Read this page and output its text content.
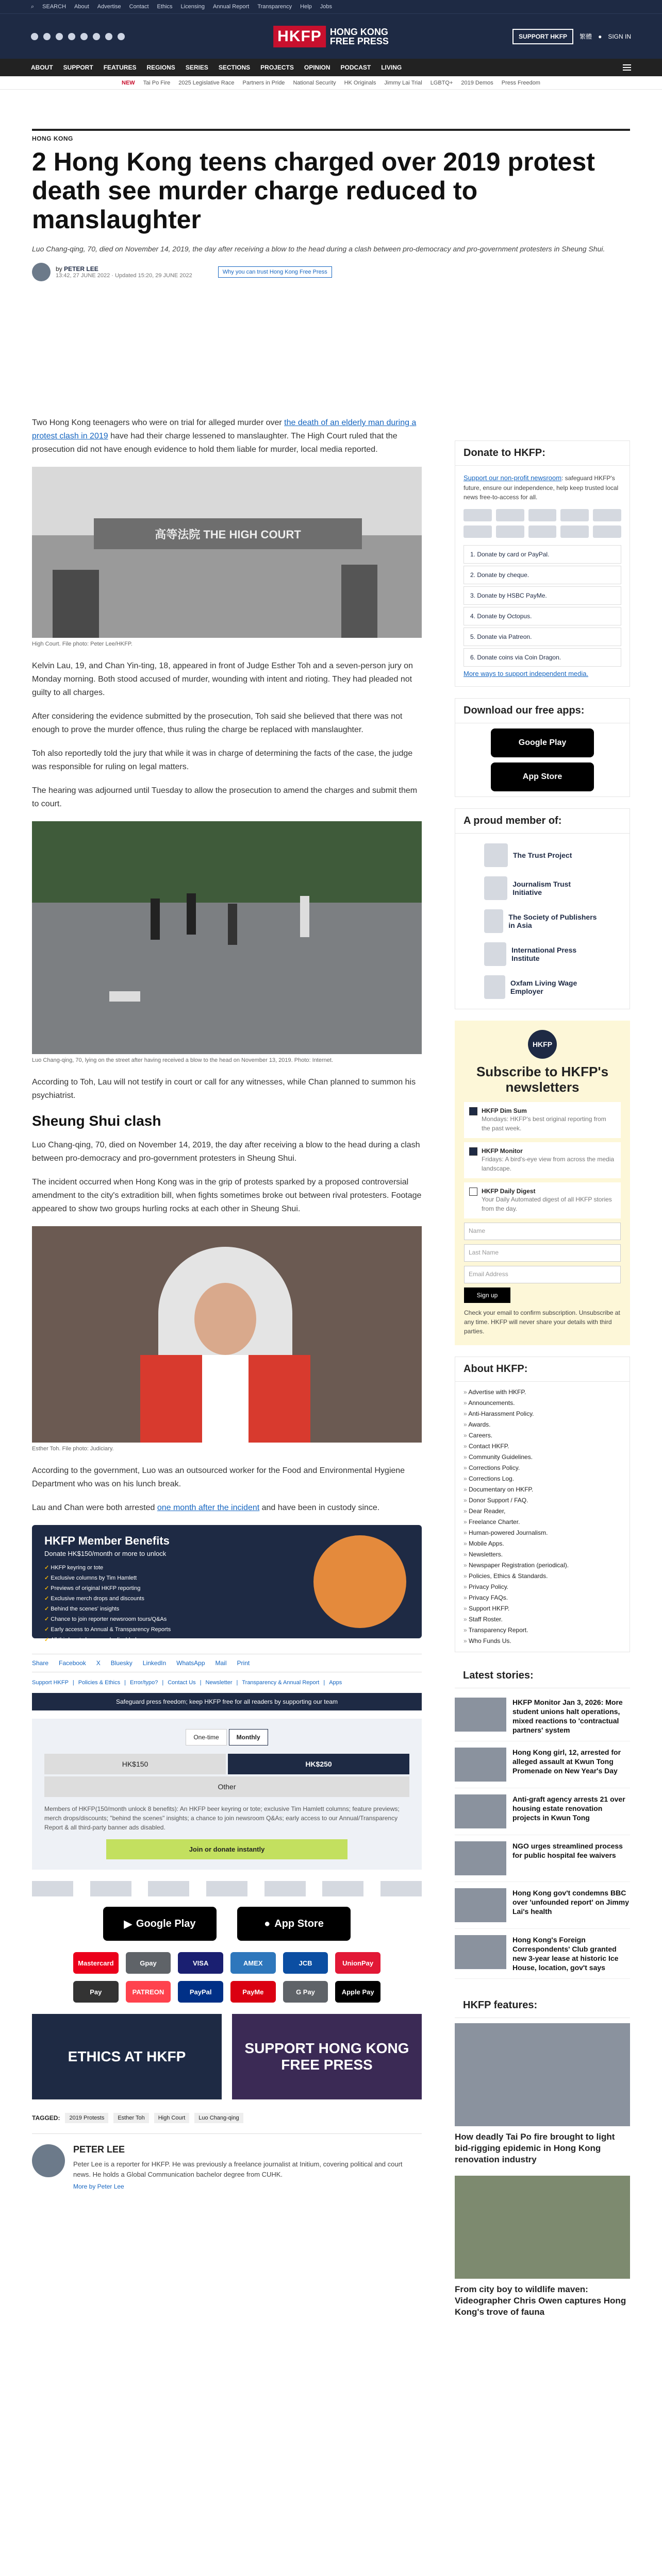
⌕ SEARCH About Advertise Contact Ethics Licensing Annual Report Transparency Help Jobs
HKFP HONG KONG
FREE PRESS	SUPPORT HKFP	繁體 ● SIGN IN
ABOUT SUPPORT FEATURES REGIONS SERIES SECTIONS PROJECTS OPINION PODCAST LIVING
NEW Tai Po Fire 2025 Legislative Race Partners in Pride National Security HK Originals Jimmy Lai Trial LGBTQ+ 2019 Demos Press Freedom
HONG KONG
2 Hong Kong teens charged over 2019 protest death see murder charge reduced to manslaughter
Luo Chang-qing, 70, died on November 14, 2019, the day after receiving a blow to the head during a clash between pro-democracy and pro-government protesters in Sheung Shui.
by PETER LEE
13:42, 27 JUNE 2022 · Updated 15:20, 29 JUNE 2022
Why you can trust Hong Kong Free Press

Two Hong Kong teenagers who were on trial for alleged murder over the death of an elderly man during a protest clash in 2019 have had their charge lessened to manslaughter. The High Court ruled that the prosecution did not have enough evidence to hold them liable for murder, local media reported.

高等法院 THE HIGH COURT
High Court. File photo: Peter Lee/HKFP.

Kelvin Lau, 19, and Chan Yin-ting, 18, appeared in front of Judge Esther Toh and a seven-person jury on Monday morning. Both stood accused of murder, wounding with intent and rioting. They had pleaded not guilty to all charges.

After considering the evidence submitted by the prosecution, Toh said she believed that there was not enough to prove the murder offence, thus ruling the charge be replaced with manslaughter.

Toh also reportedly told the jury that while it was in charge of determining the facts of the case, the judge was responsible for ruling on legal matters.

The hearing was adjourned until Tuesday to allow the prosecution to amend the charges and submit them to court.

Luo Chang-qing, 70, lying on the street after having received a blow to the head on November 13, 2019. Photo: Internet.

According to Toh, Lau will not testify in court or call for any witnesses, while Chan planned to summon his psychiatrist.

Sheung Shui clash

Luo Chang-qing, 70, died on November 14, 2019, the day after receiving a blow to the head during a clash between pro-democracy and pro-government protesters in Sheung Shui.

The incident occurred when Hong Kong was in the grip of protests sparked by a proposed controversial amendment to the city's extradition bill, when fights sometimes broke out between rival protesters. Footage appeared to show two groups hurling rocks at each other in Sheung Shui.

Esther Toh. File photo: Judiciary.

According to the government, Luo was an outsourced worker for the Food and Environmental Hygiene Department who was on his lunch break.

Lau and Chan were both arrested one month after the incident and have been in custody since.

HKFP Member Benefits
Donate HK$150/month or more to unlock
✓ HKFP keyring or tote
✓ Exclusive columns by Tim Hamlett
✓ Previews of original HKFP reporting
✓ Exclusive merch drops and discounts
✓ Behind the scenes' insights
✓ Chance to join reporter newsroom tours/Q&As
✓ Early access to Annual & Transparency Reports
✓ All third party banner ads disabled
Share Facebook X Bluesky LinkedIn WhatsApp Mail Print
Support HKFP | Policies & Ethics | Error/typo? | Contact Us | Newsletter | Transparency & Annual Report | Apps
Safeguard press freedom; keep HKFP free for all readers by supporting our team
One-time	Monthly
HK$150	HK$250
Other
Members of HKFP(150/month unlock 8 benefits): An HKFP beer keyring or tote; exclusive Tim Hamlett columns; feature previews; merch drops/discounts; "behind the scenes" insights; a chance to join newsroom Q&As; early access to our Annual/Transparency Report & all third-party banner ads disabled.
Join or donate instantly
▶ Google Play	● App Store
Mastercard	Gpay	VISA	AMEX	JCB	UnionPay
Pay	PATREON	PayPal	PayMe	G Pay	Apple Pay
ETHICS AT HKFP
SUPPORT HONG KONG FREE PRESS
TAGGED:	2019 Protests	Esther Toh	High Court	Luo Chang-qing
PETER LEE

Peter Lee is a reporter for HKFP. He was previously a freelance journalist at Initium, covering political and court news. He holds a Global Communication bachelor degree from CUHK.

More by Peter Lee
Donate to HKFP:
Support our non-profit newsroom: safeguard HKFP's future, ensure our independence, help keep trusted local news free-to-access for all.
1. Donate by card or PayPal.
2. Donate by cheque.
3. Donate by HSBC PayMe.
4. Donate by Octopus.
5. Donate via Patreon.
6. Donate coins via Coin Dragon.
More ways to support independent media.
Download our free apps:
Google Play
App Store
A proud member of:
The Trust Project
Journalism Trust Initiative
The Society of Publishers in Asia
International Press Institute
Oxfam Living Wage Employer
HKFP
Subscribe to HKFP's newsletters
HKFP Dim Sum

Mondays: HKFP's best original reporting from the past week.
HKFP Monitor

Fridays: A bird's-eye view from across the media landscape.
HKFP Daily Digest

Your Daily Automated digest of all HKFP stories from the day.
Name
Last Name
Email Address
Sign up
Check your email to confirm subscription. Unsubscribe at any time. HKFP will never share your details with third parties.
About HKFP:
» Advertise with HKFP.
» Announcements.
» Anti-Harassment Policy.
» Awards.
» Careers.
» Contact HKFP.
» Community Guidelines.
» Corrections Policy.
» Corrections Log.
» Documentary on HKFP.
» Donor Support / FAQ.
» Dear Reader,
» Freelance Charter.
» Human-powered Journalism.
» Mobile Apps.
» Newsletters.
» Newspaper Registration (periodical).
» Policies, Ethics & Standards.
» Privacy Policy.
» Privacy FAQs.
» Support HKFP.
» Staff Roster.
» Transparency Report.
» Who Funds Us.
Latest stories:
HKFP Monitor Jan 3, 2026: More student unions halt operations, mixed reactions to 'contractual partners' system
Hong Kong girl, 12, arrested for alleged assault at Kwun Tong Promenade on New Year's Day
Anti-graft agency arrests 21 over housing estate renovation projects in Kwun Tong
NGO urges streamlined process for public hospital fee waivers
Hong Kong gov't condemns BBC over 'unfounded report' on Jimmy Lai's health
Hong Kong's Foreign Correspondents' Club granted new 3-year lease at historic Ice House, location, gov't says
HKFP features:
How deadly Tai Po fire brought to light bid-rigging epidemic in Hong Kong renovation industry
From city boy to wildlife maven: Videographer Chris Owen captures Hong Kong's trove of fauna
